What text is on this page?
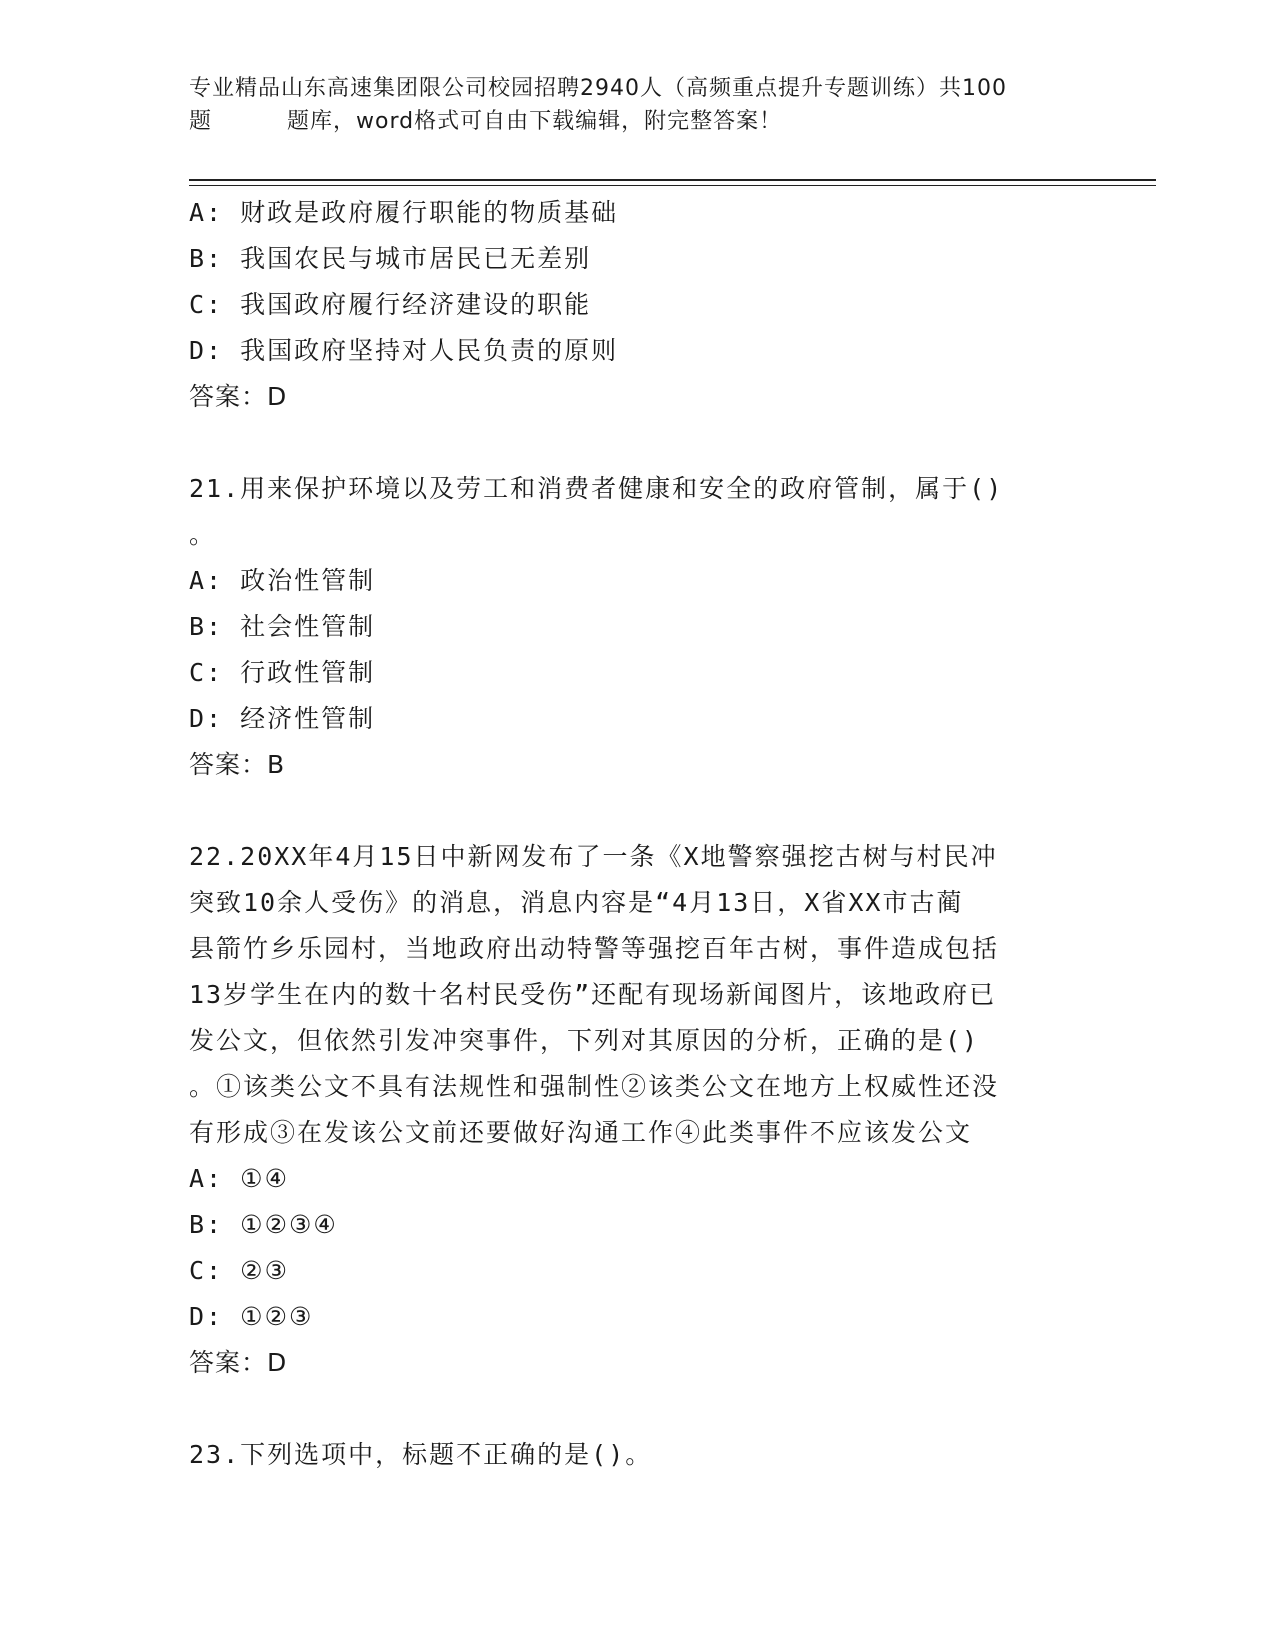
专业精品山东高速集团限公司校园招聘2940人（高频重点提升专题训练）共100
题	题库，word格式可自由下载编辑，附完整答案！
A: 财政是政府履行职能的物质基础
B: 我国农民与城市居民已无差别
C: 我国政府履行经济建设的职能
D: 我国政府坚持对人民负责的原则
答案：D
21.用来保护环境以及劳工和消费者健康和安全的政府管制，属于()
。
A: 政治性管制
B: 社会性管制
C: 行政性管制
D: 经济性管制
答案：B
22.20XX年4月15日中新网发布了一条《X地警察强挖古树与村民冲
突致10余人受伤》的消息，消息内容是“4月13日，X省XX市古蔺
县箭竹乡乐园村，当地政府出动特警等强挖百年古树，事件造成包括
13岁学生在内的数十名村民受伤”还配有现场新闻图片，该地政府已
发公文，但依然引发冲突事件，下列对其原因的分析，正确的是()
。①该类公文不具有法规性和强制性②该类公文在地方上权威性还没
有形成③在发该公文前还要做好沟通工作④此类事件不应该发公文
A: ①④
B: ①②③④
C: ②③
D: ①②③
答案：D
23.下列选项中，标题不正确的是()。
